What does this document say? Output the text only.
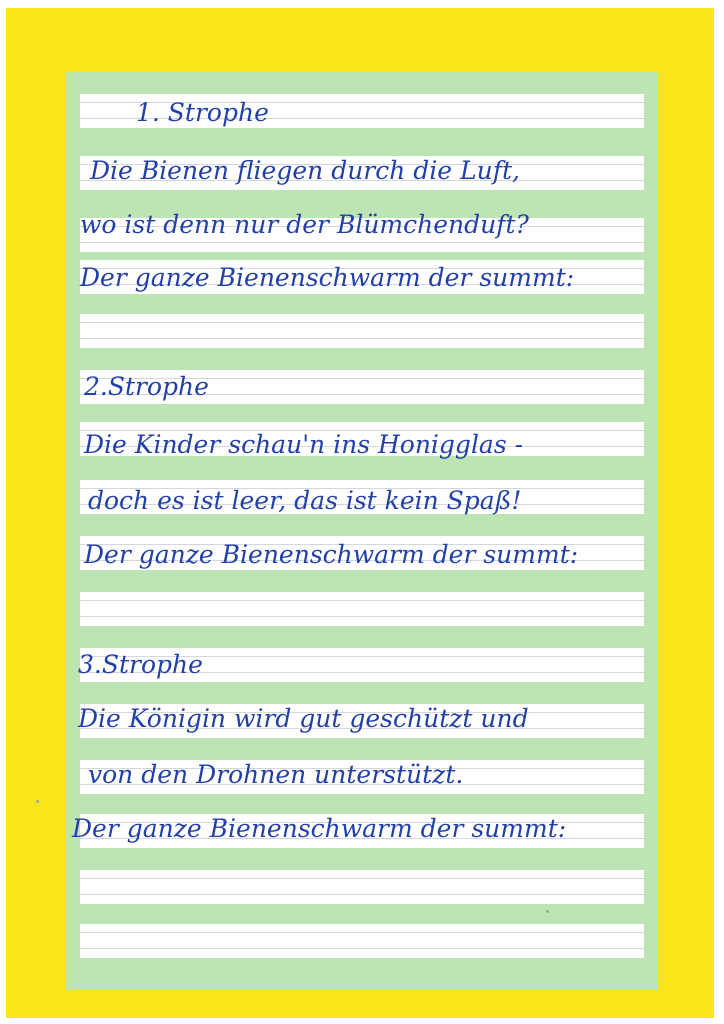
1. Strophe
Die Bienen fliegen durch die Luft,
wo ist denn nur der Blümchenduft?
Der ganze Bienenschwarm der summt:
2.Strophe
Die Kinder schau'n ins Honigglas -
doch es ist leer, das ist kein Spaß!
Der ganze Bienenschwarm der summt:
3.Strophe
Die Königin wird gut geschützt und
von den Drohnen unterstützt.
Der ganze Bienenschwarm der summt:
